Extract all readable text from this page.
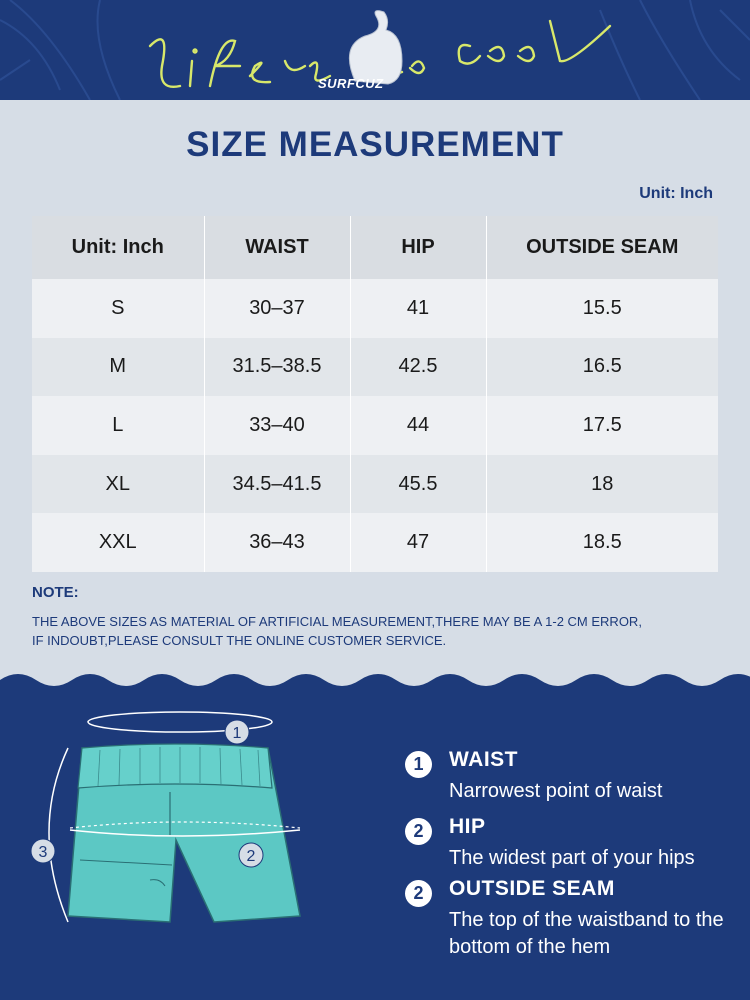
SURFCUZ
SIZE MEASUREMENT
Unit: Inch
Unit: Inch	WAIST	HIP	OUTSIDE SEAM
S	30–37	41	15.5
M	31.5–38.5	42.5	16.5
L	33–40	44	17.5
XL	34.5–41.5	45.5	18
XXL	36–43	47	18.5
NOTE:
THE ABOVE SIZES AS MATERIAL OF ARTIFICIAL MEASUREMENT,THERE MAY BE A 1-2 CM ERROR,
IF INDOUBT,PLEASE CONSULT THE ONLINE CUSTOMER SERVICE.
1
2
3
1	WAIST
Narrowest point of waist
2	HIP
The widest part of your hips
2	OUTSIDE SEAM
The top of the waistband to the bottom of the hem
